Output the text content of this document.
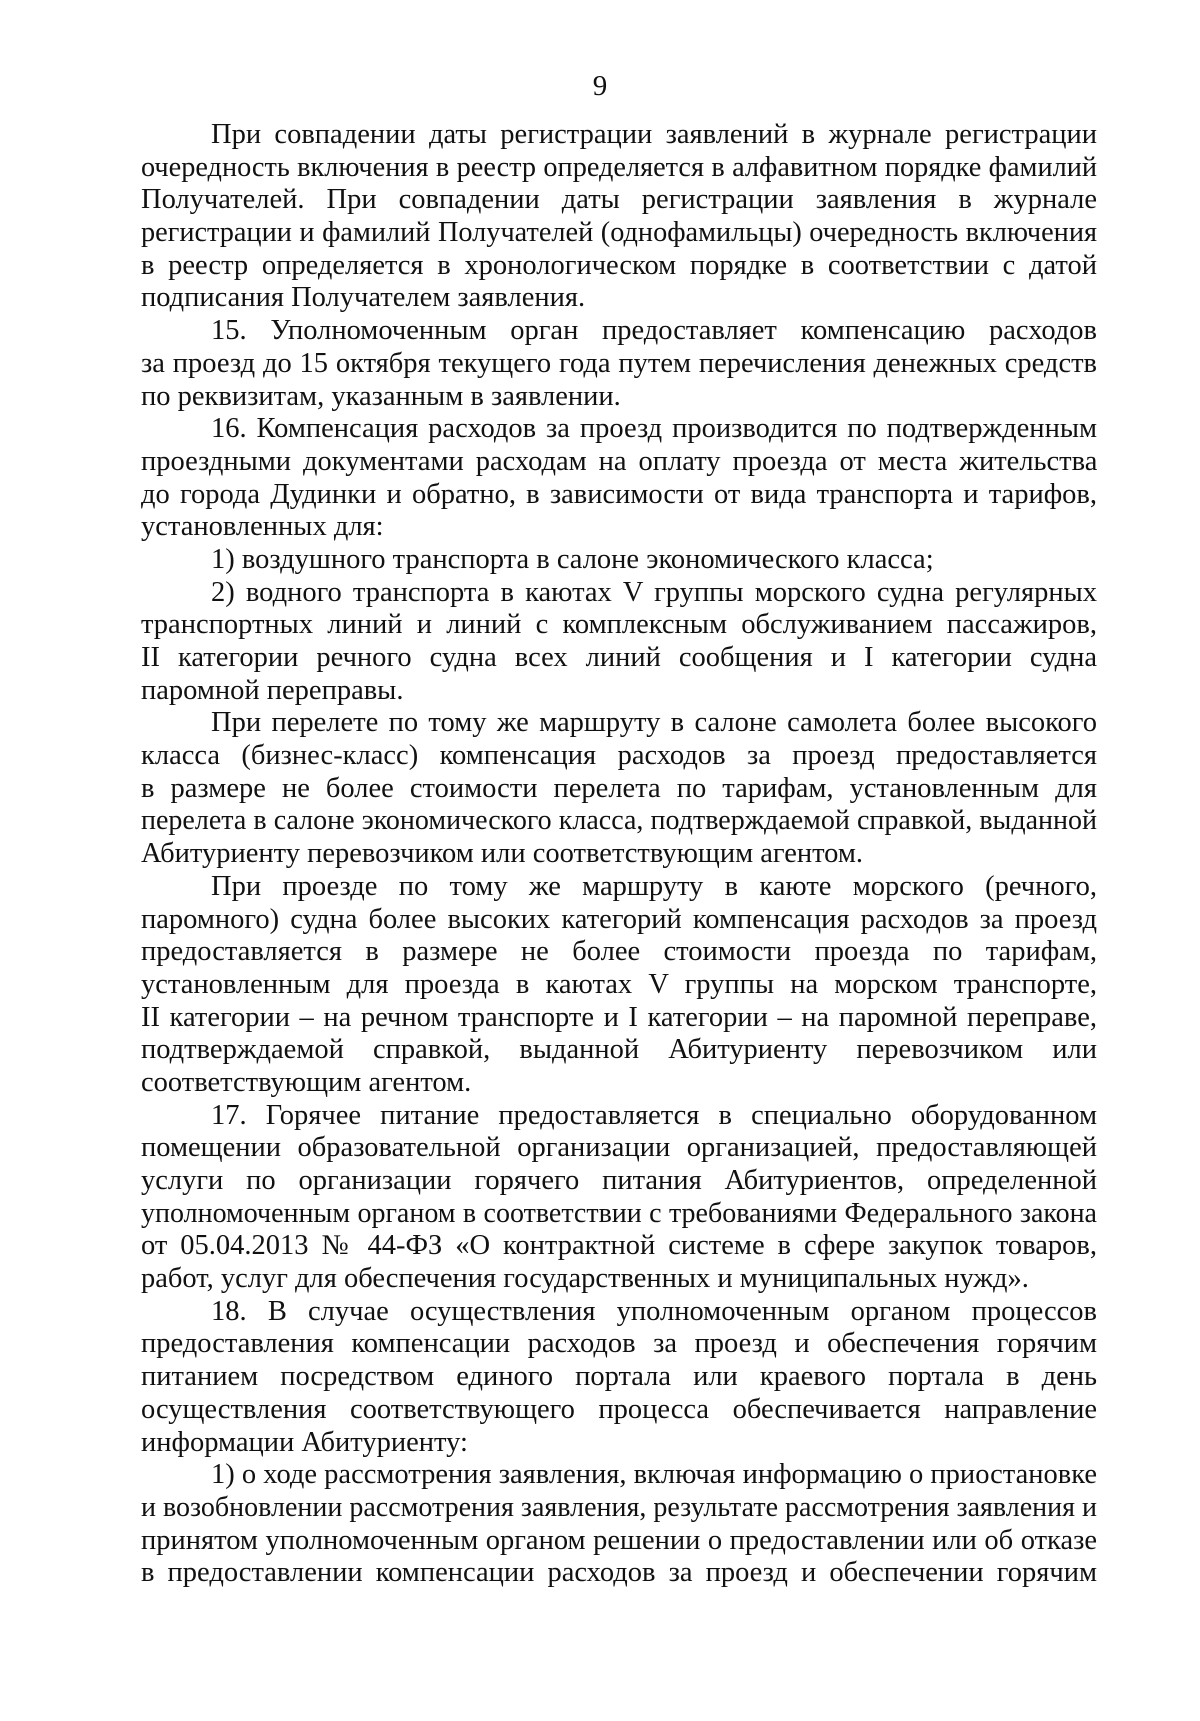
9
При совпадении даты регистрации заявлений в журнале регистрации
очередность включения в реестр определяется в алфавитном порядке фамилий
Получателей. При совпадении даты регистрации заявления в журнале
регистрации и фамилий Получателей (однофамильцы) очередность включения
в реестр определяется в хронологическом порядке в соответствии с датой
подписания Получателем заявления.
15. Уполномоченным орган предоставляет компенсацию расходов
за проезд до 15 октября текущего года путем перечисления денежных средств
по реквизитам, указанным в заявлении.
16. Компенсация расходов за проезд производится по подтвержденным
проездными документами расходам на оплату проезда от места жительства
до города Дудинки и обратно, в зависимости от вида транспорта и тарифов,
установленных для:
1) воздушного транспорта в салоне экономического класса;
2) водного транспорта в каютах V группы морского судна регулярных
транспортных линий и линий с комплексным обслуживанием пассажиров,
II категории речного судна всех линий сообщения и I категории судна
паромной переправы.
При перелете по тому же маршруту в салоне самолета более высокого
класса (бизнес-класс) компенсация расходов за проезд предоставляется
в размере не более стоимости перелета по тарифам, установленным для
перелета в салоне экономического класса, подтверждаемой справкой, выданной
Абитуриенту перевозчиком или соответствующим агентом.
При проезде по тому же маршруту в каюте морского (речного,
паромного) судна более высоких категорий компенсация расходов за проезд
предоставляется в размере не более стоимости проезда по тарифам,
установленным для проезда в каютах V группы на морском транспорте,
II категории – на речном транспорте и I категории – на паромной переправе,
подтверждаемой справкой, выданной Абитуриенту перевозчиком или
соответствующим агентом.
17. Горячее питание предоставляется в специально оборудованном
помещении образовательной организации организацией, предоставляющей
услуги по организации горячего питания Абитуриентов, определенной
уполномоченным органом в соответствии с требованиями Федерального закона
от 05.04.2013 № 44-ФЗ «О контрактной системе в сфере закупок товаров,
работ, услуг для обеспечения государственных и муниципальных нужд».
18. В случае осуществления уполномоченным органом процессов
предоставления компенсации расходов за проезд и обеспечения горячим
питанием посредством единого портала или краевого портала в день
осуществления соответствующего процесса обеспечивается направление
информации Абитуриенту:
1) о ходе рассмотрения заявления, включая информацию о приостановке
и возобновлении рассмотрения заявления, результате рассмотрения заявления и
принятом уполномоченным органом решении о предоставлении или об отказе
в предоставлении компенсации расходов за проезд и обеспечении горячим
